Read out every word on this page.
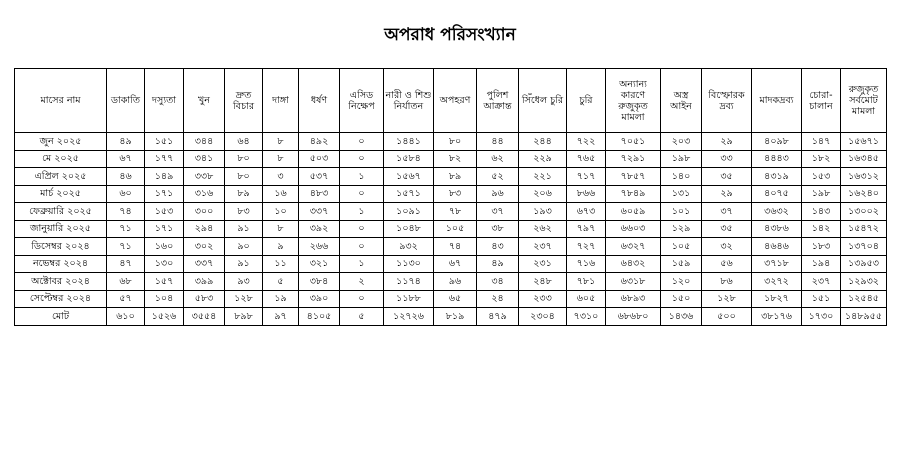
অপরাধ পরিসংখ্যান
মাসের নাম	ডাকাতি	দস্যুতা	খুন	দ্রুত বিচার	দাঙ্গা	ধর্ষণ	এসিড নিক্ষেপ	নারী ও শিশু নির্যাতন	অপহরণ	পুলিশ আক্রান্ত	সিঁধেল চুরি	চুরি	অন্যান্য কারণে রুজুকৃত মামলা	অস্ত্র আইন	বিস্ফোরক দ্রব্য	মাদকদ্রব্য	চোরা-চালান	রুজুকৃত সর্বমোট মামলা
জুন ২০২৫	৪৯	১৫১	৩৪৪	৬৪	৮	৪৯২	০	১৪৪১	৮০	৪৪	২৪৪	৭২২	৭০৫১	২০৩	২৯	৪০৯৮	১৪৭	১৫৬৭১
মে ২০২৫	৬৭	১৭৭	৩৪১	৮০	৮	৫০৩	০	১৫৮৪	৮২	৬২	২২৯	৭৬৫	৭২৯১	১৯৮	৩৩	৪৪৪৩	১৮২	১৬৩৪৫
এপ্রিল ২০২৫	৪৬	১৪৯	৩৩৮	৮০	৩	৫৩৭	১	১৫৬৭	৮৯	৫২	২২১	৭১৭	৭৮৫৭	১৪০	৩৫	৪৩১৯	১৫৩	১৬৩১২
মার্চ ২০২৫	৬০	১৭১	৩১৬	৮৯	১৬	৪৮৩	০	১৫৭১	৮৩	৯৬	২০৬	৮৬৬	৭৮৪৯	১৩১	২৯	৪০৭৫	১৯৮	১৬২৪০
ফেব্রুয়ারি ২০২৫	৭৪	১৫৩	৩০০	৮৩	১০	৩৩৭	১	১০৯১	৭৮	৩৭	১৯৩	৬৭৩	৬০৫৯	১০১	৩৭	৩৬৩২	১৪৩	১৩০০২
জানুয়ারি ২০২৫	৭১	১৭১	২৯৪	৯১	৮	৩৯২	০	১০৪৮	১০৫	৩৮	২৬২	৭৯৭	৬৬০৩	১২৯	৩৫	৪৩৮৬	১৪২	১৫৪৭২
ডিসেম্বর ২০২৪	৭১	১৬০	৩০২	৯০	৯	২৬৬	০	৯৩২	৭৪	৪৩	২৩৭	৭২৭	৬৩২৭	১০৫	৩২	৪৬৪৬	১৮৩	১৩৭০৪
নভেম্বর ২০২৪	৪৭	১৩০	৩৩৭	৯১	১১	৩২১	১	১১৩০	৬৭	৪৯	২৩১	৭১৬	৬৪৩২	১৫৯	৫৬	৩৭১৮	১৯৪	১৩৯৫৩
অক্টোবর ২০২৪	৬৮	১৫৭	৩৯৯	৯৩	৫	৩৮৪	২	১১৭৪	৯৬	৩৪	২৪৮	৭৮১	৬৩১৮	১২০	৮৬	৩২৭২	২৩৭	১২৯৩২
সেপ্টেম্বর ২০২৪	৫৭	১০৪	৫৮৩	১২৮	১৯	৩৯০	০	১১৮৮	৬৫	২৪	২৩৩	৬০৫	৬৮৯৩	১৫০	১২৮	১৮২৭	১৫১	১২৫৪৫
মোট	৬১০	১৫২৬	৩৫৫৪	৮৯৮	৯৭	৪১০৫	৫	১২৭২৬	৮১৯	৪৭৯	২৩০৪	৭৩১০	৬৮৬৮০	১৪৩৬	৫০০	৩৮১৭৬	১৭৩০	১৪৮৯৫৫
